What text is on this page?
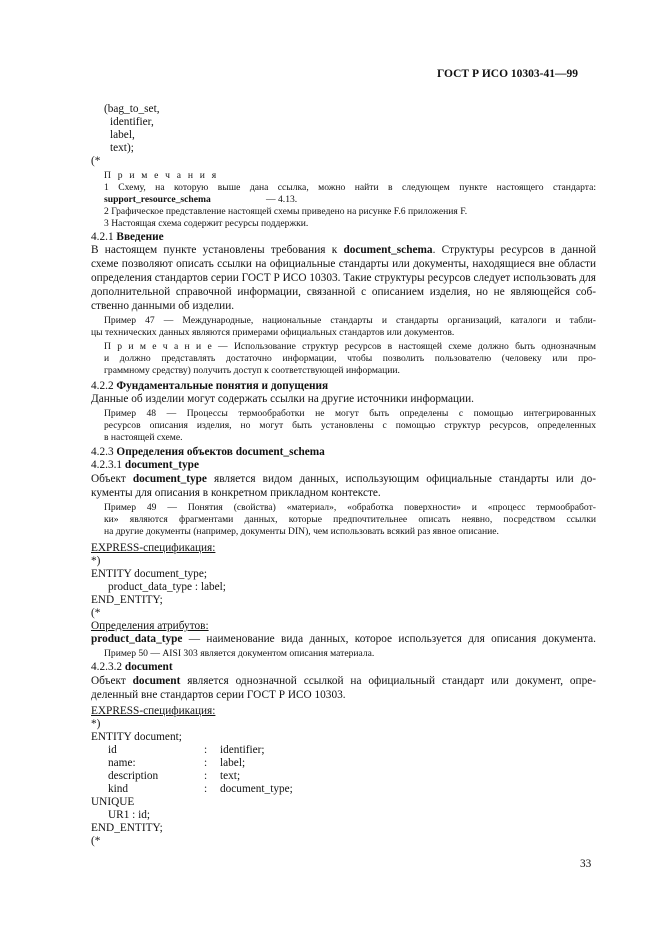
ГОСТ Р ИСО 10303-41—99
(bag_to_set,
identifier,
label,
text);
(*
П р и м е ч а н и я
1 Схему, на которую выше дана ссылка, можно найти в следующем пункте настоящего стандарта:
support_resource_schema	— 4.13.
2 Графическое представление настоящей схемы приведено на рисунке F.6 приложения F.
3 Настоящая схема содержит ресурсы поддержки.
4.2.1 Введение
В настоящем пункте установлены требования к document_schema. Структуры ресурсов в данной
схеме позволяют описать ссылки на официальные стандарты или документы, находящиеся вне области
определения стандартов серии ГОСТ Р ИСО 10303. Такие структуры ресурсов следует использовать для
дополнительной справочной информации, связанной с описанием изделия, но не являющейся соб-
ственно данными об изделии.
Пример 47 — Международные, национальные стандарты и стандарты организаций, каталоги и табли-
цы технических данных являются примерами официальных стандартов или документов.
П р и м е ч а н и е — Использование структур ресурсов в настоящей схеме должно быть однозначным
и должно представлять достаточно информации, чтобы позволить пользователю (человеку или про-
граммному средству) получить доступ к соответствующей информации.
4.2.2 Фундаментальные понятия и допущения
Данные об изделии могут содержать ссылки на другие источники информации.
Пример 48 — Процессы термообработки не могут быть определены с помощью интегрированных
ресурсов описания изделия, но могут быть установлены с помощью структур ресурсов, определенных
в настоящей схеме.
4.2.3 Определения объектов document_schema
4.2.3.1 document_type
Объект document_type является видом данных, использующим официальные стандарты или до-
кументы для описания в конкретном прикладном контексте.
Пример 49 — Понятия (свойства) «материал», «обработка поверхности» и «процесс термообработ-
ки» являются фрагментами данных, которые предпочтительнее описать неявно, посредством ссылки
на другие документы (например, документы DIN), чем использовать всякий раз явное описание.
EXPRESS-спецификация:
*)
ENTITY document_type;
product_data_type : label;
END_ENTITY;
(*
Определения атрибутов:
product_data_type — наименование вида данных, которое используется для описания документа.
Пример 50 — AISI 303 является документом описания материала.
4.2.3.2 document
Объект document является однозначной ссылкой на официальный стандарт или документ, опре-
деленный вне стандартов серии ГОСТ Р ИСО 10303.
EXPRESS-спецификация:
*)
ENTITY document;
id	: identifier;
name:	: label;
description	: text;
kind	: document_type;
UNIQUE
UR1 : id;
END_ENTITY;
(*
33
